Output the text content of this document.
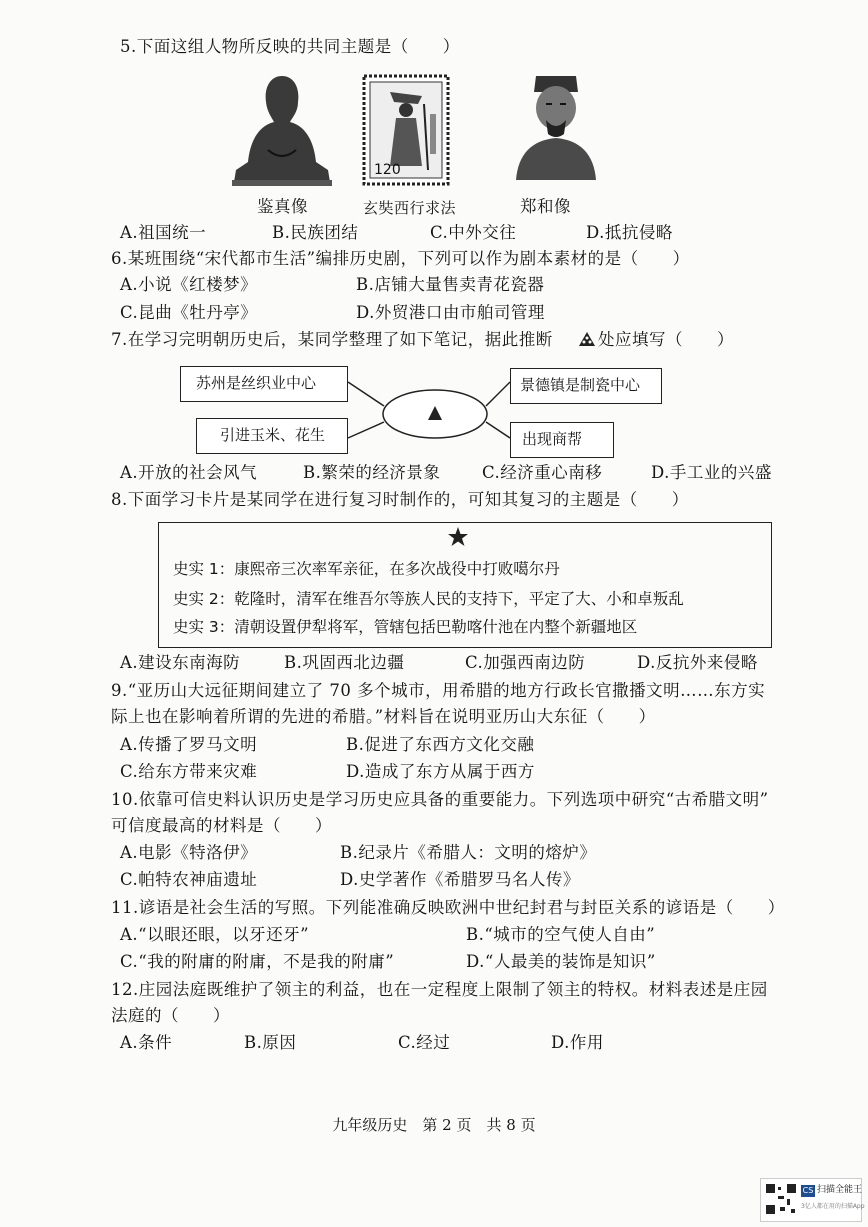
5.下面这组人物所反映的共同主题是（　　）
120
鉴真像	玄奘西行求法	郑和像
A.祖国统一	B.民族团结	C.中外交往	D.抵抗侵略
6.某班围绕“宋代都市生活”编排历史剧，下列可以作为剧本素材的是（　　）
A.小说《红楼梦》	B.店铺大量售卖青花瓷器
C.昆曲《牡丹亭》	D.外贸港口由市舶司管理
7.在学习完明朝历史后，某同学整理了如下笔记，据此推断	处应填写（　　）
苏州是丝织业中心
引进玉米、花生
景德镇是制瓷中心
出现商帮
A.开放的社会风气	B.繁荣的经济景象	C.经济重心南移	D.手工业的兴盛
8.下面学习卡片是某同学在进行复习时制作的，可知其复习的主题是（　　）
史实 1：康熙帝三次率军亲征，在多次战役中打败噶尔丹
史实 2：乾隆时，清军在维吾尔等族人民的支持下，平定了大、小和卓叛乱
史实 3：清朝设置伊犁将军，管辖包括巴勒喀什池在内整个新疆地区
A.建设东南海防	B.巩固西北边疆	C.加强西南边防	D.反抗外来侵略
9.“亚历山大远征期间建立了 70 多个城市，用希腊的地方行政长官撒播文明……东方实
际上也在影响着所谓的先进的希腊。”材料旨在说明亚历山大东征（　　）
A.传播了罗马文明	B.促进了东西方文化交融
C.给东方带来灾难	D.造成了东方从属于西方
10.依靠可信史料认识历史是学习历史应具备的重要能力。下列选项中研究“古希腊文明”
可信度最高的材料是（　　）
A.电影《特洛伊》	B.纪录片《希腊人：文明的熔炉》
C.帕特农神庙遗址	D.史学著作《希腊罗马名人传》
11.谚语是社会生活的写照。下列能准确反映欧洲中世纪封君与封臣关系的谚语是（　　）
A.“以眼还眼，以牙还牙”	B.“城市的空气使人自由”
C.“我的附庸的附庸，不是我的附庸”	D.“人最美的装饰是知识”
12.庄园法庭既维护了领主的利益，也在一定程度上限制了领主的特权。材料表述是庄园
法庭的（　　）
A.条件	B.原因	C.经过	D.作用
九年级历史　第 2 页　共 8 页
CS 扫描全能王
3亿人都在用的扫描App
